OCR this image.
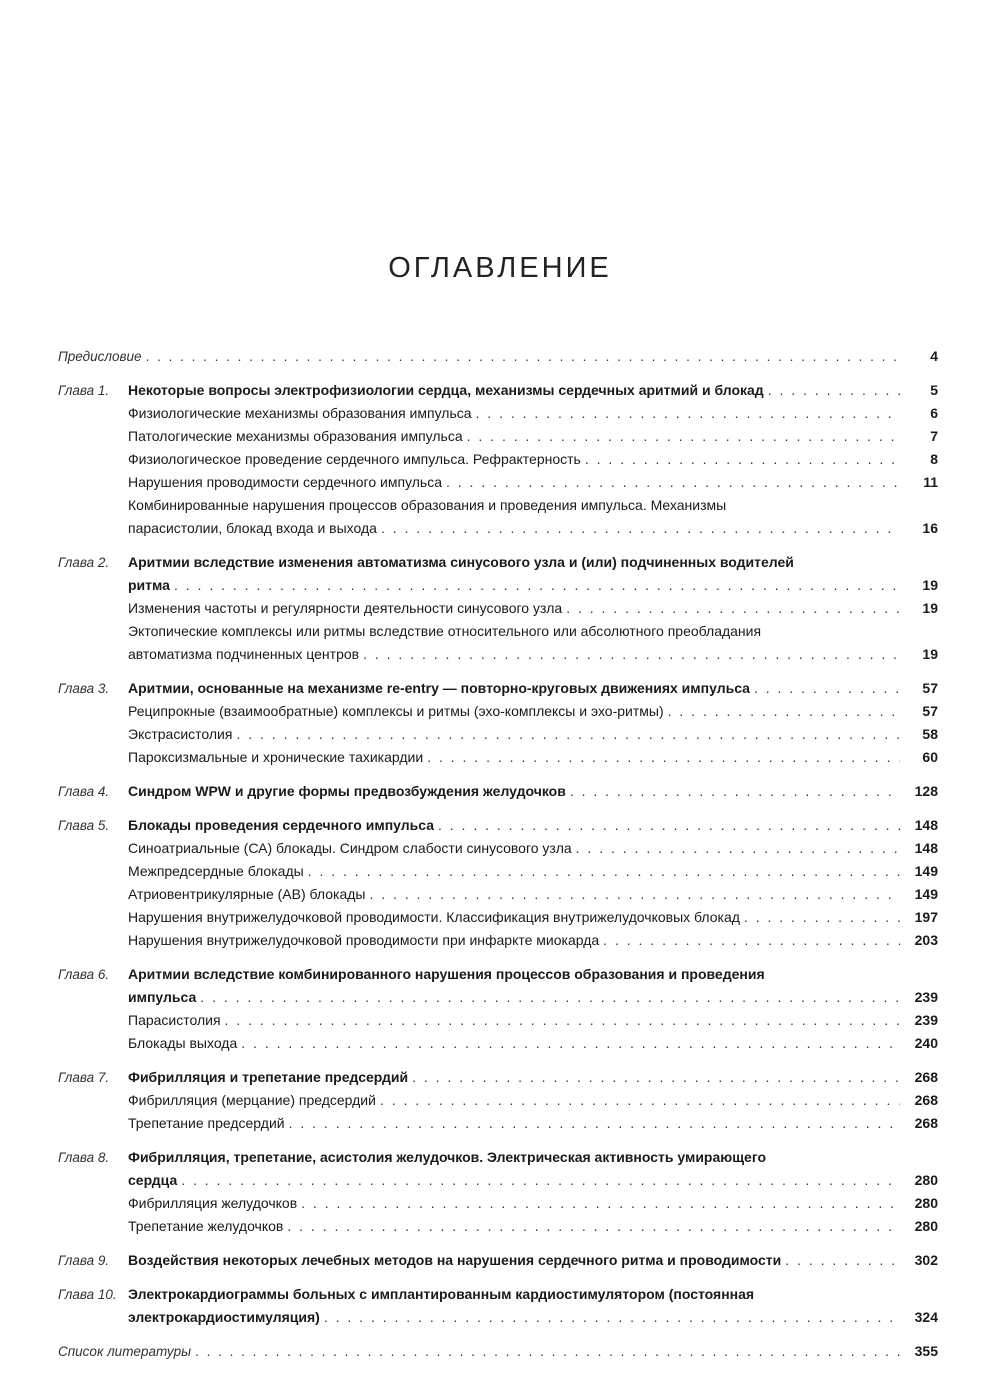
ОГЛАВЛЕНИЕ
Предисловие . . .	4
Глава 1.	Некоторые вопросы электрофизиологии сердца, механизмы сердечных аритмий и блокад . . .	5
Физиологические механизмы образования импульса . . .	6
Патологические механизмы образования импульса . . .	7
Физиологическое проведение сердечного импульса. Рефрактерность . . .	8
Нарушения проводимости сердечного импульса . . .	11
Комбинированные нарушения процессов образования и проведения импульса. Механизмы
парасистолии, блокад входа и выхода . . .	16
Глава 2.	Аритмии вследствие изменения автоматизма синусового узла и (или) подчиненных водителей
ритма . . .	19
Изменения частоты и регулярности деятельности синусового узла . . .	19
Эктопические комплексы или ритмы вследствие относительного или абсолютного преобладания
автоматизма подчиненных центров . . .	19
Глава 3.	Аритмии, основанные на механизме re-entry — повторно-круговых движениях импульса . . .	57
Реципрокные (взаимообратные) комплексы и ритмы (эхо-комплексы и эхо-ритмы) . . .	57
Экстрасистолия . . .	58
Пароксизмальные и хронические тахикардии . . .	60
Глава 4.	Синдром WPW и другие формы предвозбуждения желудочков . . .	128
Глава 5.	Блокады проведения сердечного импульса . . .	148
Синоатриальные (СА) блокады. Синдром слабости синусового узла . . .	148
Межпредсердные блокады . . .	149
Атриовентрикулярные (АВ) блокады . . .	149
Нарушения внутрижелудочковой проводимости. Классификация внутрижелудочковых блокад . . .	197
Нарушения внутрижелудочковой проводимости при инфаркте миокарда . . .	203
Глава 6.	Аритмии вследствие комбинированного нарушения процессов образования и проведения
импульса . . .	239
Парасистолия . . .	239
Блокады выхода . . .	240
Глава 7.	Фибрилляция и трепетание предсердий . . .	268
Фибрилляция (мерцание) предсердий . . .	268
Трепетание предсердий . . .	268
Глава 8.	Фибрилляция, трепетание, асистолия желудочков. Электрическая активность умирающего
сердца . . .	280
Фибрилляция желудочков . . .	280
Трепетание желудочков . . .	280
Глава 9.	Воздействия некоторых лечебных методов на нарушения сердечного ритма и проводимости . . .	302
Глава 10. Электрокардиограммы больных с имплантированным кардиостимулятором (постоянная
электрокардиостимуляция) . . .	324
Список литературы . . .	355
